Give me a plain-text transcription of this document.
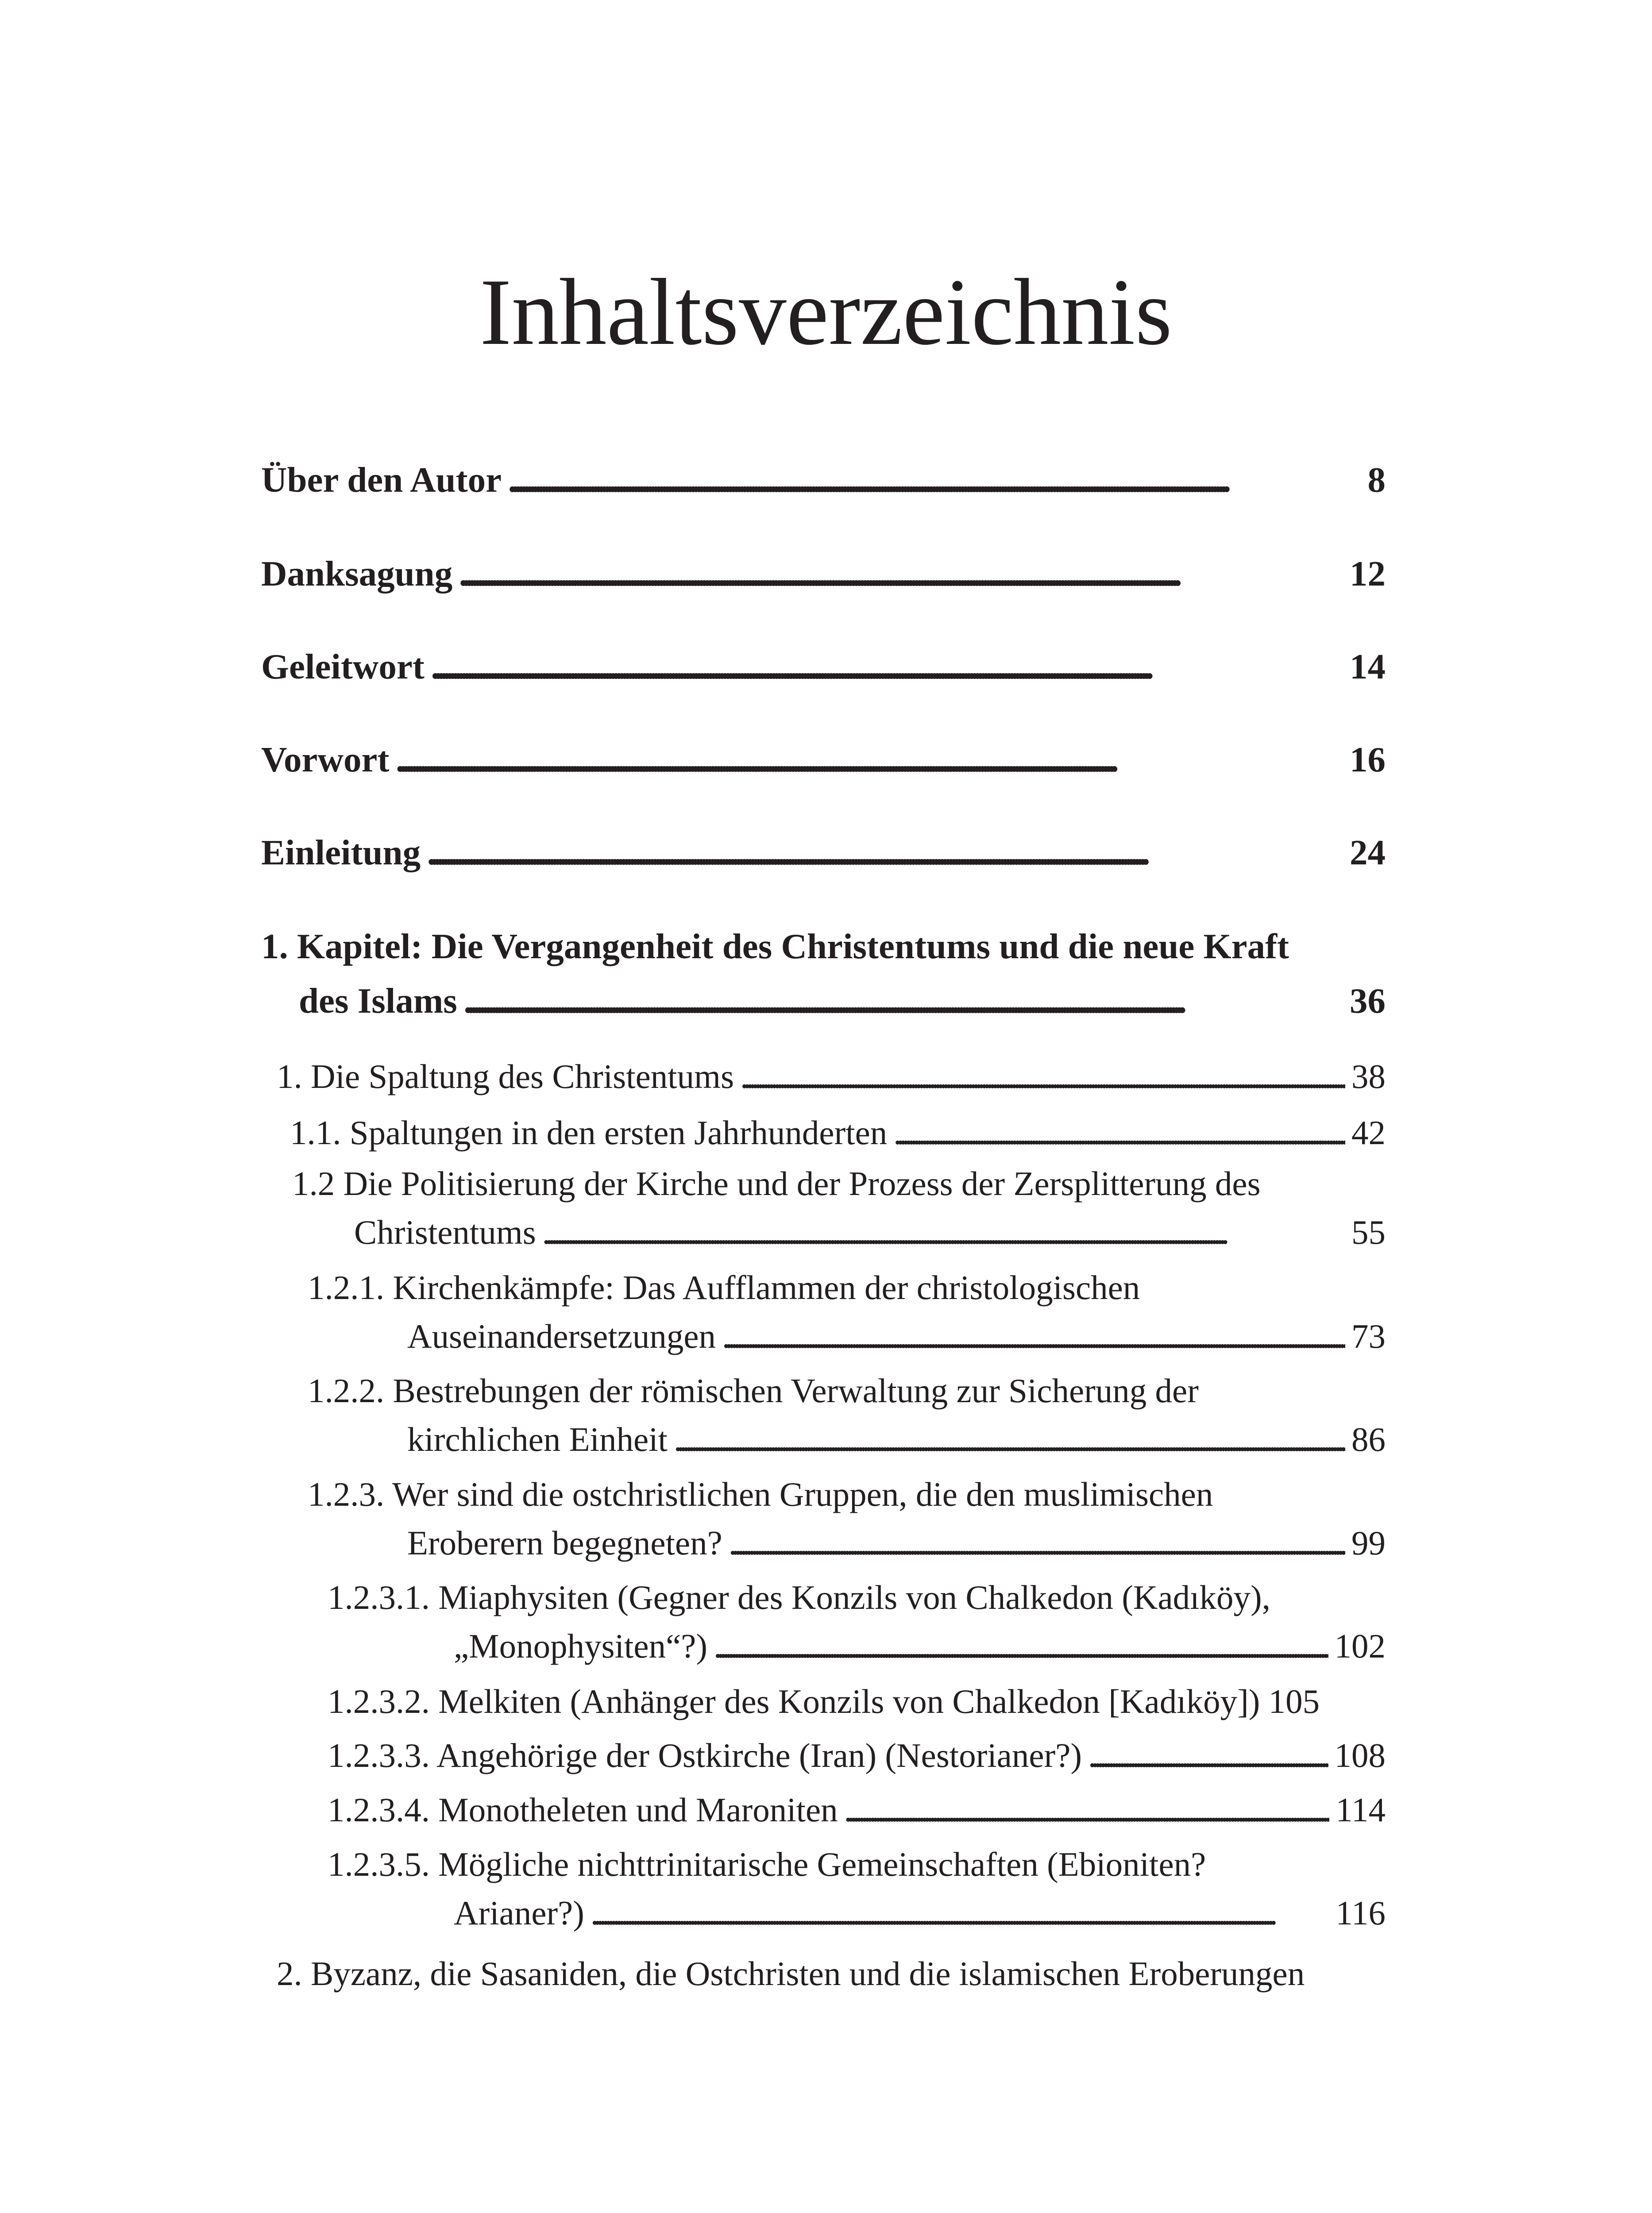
Inhaltsverzeichnis
Über den Autor . . .	8
Danksagung . . .	12
Geleitwort . . .	14
Vorwort . . .	16
Einleitung . . .	24
1. Kapitel: Die Vergangenheit des Christentums und die neue Kraft
des Islams . . .	36
1. Die Spaltung des Christentums . . .	38
1.1. Spaltungen in den ersten Jahrhunderten . . .	42
1.2 Die Politisierung der Kirche und der Prozess der Zersplitterung des
Christentums . . .	55
1.2.1. Kirchenkämpfe: Das Aufflammen der christologischen
Auseinandersetzungen . . .	73
1.2.2. Bestrebungen der römischen Verwaltung zur Sicherung der
kirchlichen Einheit . . .	86
1.2.3. Wer sind die ostchristlichen Gruppen, die den muslimischen
Eroberern begegneten? . . .	99
1.2.3.1. Miaphysiten (Gegner des Konzils von Chalkedon (Kadıköy),
„Monophysiten“?) . . .	102
1.2.3.2. Melkiten (Anhänger des Konzils von Chalkedon [Kadıköy]) 105
1.2.3.3. Angehörige der Ostkirche (Iran) (Nestorianer?) . . .	108
1.2.3.4. Monotheleten und Maroniten . . .	114
1.2.3.5. Mögliche nichttrinitarische Gemeinschaften (Ebioniten?
Arianer?) . . .	116
2. Byzanz, die Sasaniden, die Ostchristen und die islamischen Eroberungen
